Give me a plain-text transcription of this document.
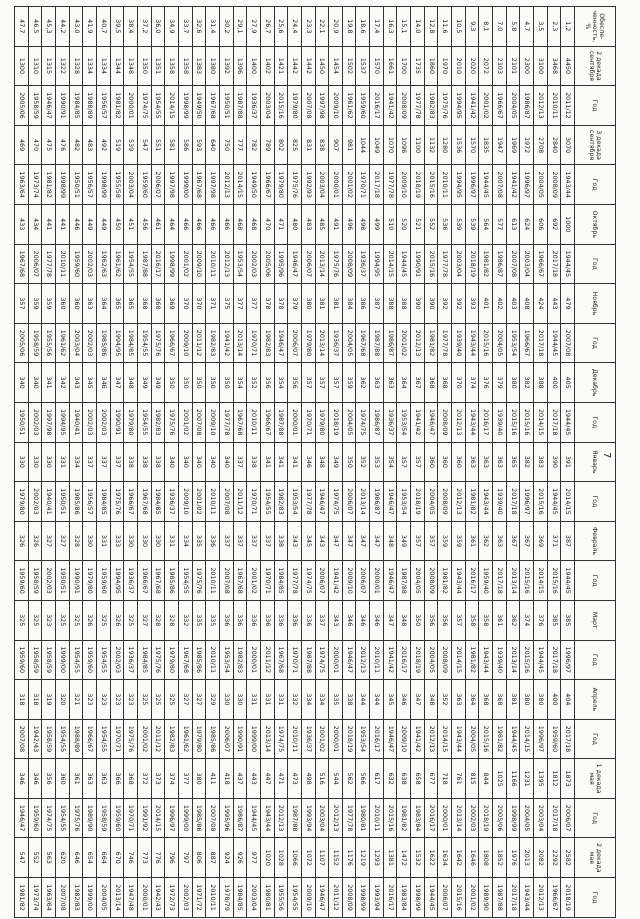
7
Обеспе-ченность, %	2 декада сентября	Год	3 декада сентября	Год	Октябрь	Год	Ноябрь	Год	Декабрь	Год	Январь	Год	Февраль	Год	Март	Год	Апрель	Год	1 декада мая	Год	2 декада мая	Год
1,2	4450	2011/12	3070	1943/44	1000	1944/45	479	2007/08	405	1944/45	391	2014/15	387	1944/45	385	1996/97	404	2017/18	1873	2006/07	2582	2018/19
2,3	3468	2010/11	2840	2008/09	692	2017/18	443	1944/45	400	2017/18	390	1944/45	371	2015/16	385	2017/18	400	1959/60	1812	2017/18	2292	1966/67
3,5	3100	2012/13	2708	2004/05	606	1966/67	424	2017/18	388	2014/15	383	2015/16	369	2014/15	376	1944/45	380	1996/97	1395	2003/04	2082	2012/13
4,7	2300	1986/87	1972	1996/97	624	2003/04	408	1966/67	382	2015/16	382	1996/97	367	2015/16	374	2015/16	380	2014/15	1231	2004/05	2013	1943/44
5,8	2101	2004/05	1969	1941/42	613	2007/08	403	1953/54	380	2015/16	365	2017/18	367	2013/14	362	2013/14	381	1944/45	1166	1998/99	1976	2017/18
7,0	2103	1966/67	1947	2007/08	577	1986/87	402	2004/05	379	1939/40	363	1939/40	363	2017/18	361	1939/40	368	1981/82	1025	2005/06	1852	1987/88
8,1	2072	2001/02	1835	1944/45	564	1981/82	401	2015/16	376	2016/17	363	1943/44	362	1959/40	358	1943/44	368	2015/16	844	2018/19	1808	1989/90
9,3	2020	1941/42	1570	1996/97	539	2018/19	393	1943/44	374	1943/44	363	1981/82	361	2016/17	358	1981/82	364	2004/05	815	2002/03	1646	2001/02
10,5	2010	1994/95	1536	1994/95	539	2003/04	392	1939/40	370	2012/13	360	2012/13	359	1943/44	357	2014/15	363	1943/44	761	2013/14	1642	2015/16
11,6	1970	1975/76	1280	2010/11	536	1977/78	392	1977/78	368	2008/09	360	2008/09	359	1981/82	356	2008/09	352	2014/15	718	2000/01	1634	2006/07
12,8	1860	1982/83	1132	2015/16	552	2015/16	390	1981/82	368	1946/47	360	2004/05	357	2008/09	356	2004/05	348	2012/13	677	2016/17	1622	1944/45
14,0	1735	1977/78	1100	2018/19	521	1990/91	390	2012/13	367	1941/42	357	2018/19	357	2004/05	350	2018/19	347	1941/42	658	1983/84	1532	1998/99
15,1	1700	2008/09	1096	2009/10	520	1944/45	388	2001/02	364	1953/54	357	1953/54	349	1987/88	348	2016/17	346	2009/10	638	1981/82	1472	1983/84
16,3	1661	1941/42	1070	1977/78	510	2014/15	388	1986/87	363	1936/37	354	1946/47	348	1946/47	347	1941/42	345	1946/47	632	2015/16	1381	2016/17
17,4	1570	2016/17	1049	2017/18	499	1994/95	387	1987/88	363	1986/87	353	1986/87	347	2000/01	346	2010/11	344	2016/17	617	2010/11	1293	1993/94
18,6	1537	1959/60	1044	1970/71	498	1936/37	386	1967/68	362	1974/75	352	2013/14	347	2006/07	346	2012/13	344	1953/54	566	1980/81	1219	1998/99
19,8	1502	1961/62	981	2001/02	496	2008/09	384	2004/05	359	2004/05	350	2006/07	347	2009/10	346	1946/47	338	2018/19	562	1977/78	1176	2008/09
20,9	1454	2009/10	907	2000/01	491	1975/76	381	1936/37	357	2018/19	349	1974/75	347	1941/42	343	2000/01	335	2000/01	544	2012/13	1152	2011/12
22,1	1450	1997/98	838	2003/04	485	2013/14	381	2013/14	357	1979/80	348	1946/47	343	2006/07	337	1974/75	334	2001/02	516	2003/04	1107	1946/47
23,3	1442	2007/08	831	1992/93	483	2006/07	380	1979/80	357	1970/71	346	1977/78	345	1974/75	336	1987/88	334	1936/37	498	1993/94	1072	2009/10
24,4	1442	1979/80	825	1975/76	480	1946/47	379	2006/07	356	2000/01	341	1953/54	343	1977/78	336	1970/71	332	2010/11	473	1987/88	1066	1954/55
25,6	1421	2015/16	802	1979/80	471	1995/96	378	1946/47	354	1987/88	341	1982/83	338	1984/85	336	1967/68	331	1974/75	471	2012/13	1028	1955/56
26,7	1402	2003/04	789	1966/67	470	2005/06	378	1982/83	356	1966/67	341	1954/55	337	1970/71	336	2011/12	331	2013/14	447	1943/44	1020	1980/81
27,9	1400	1936/37	782	1949/50	468	2002/03	377	1970/71	352	2010/11	338	1970/71	337	2001/02	336	2000/01	331	1999/00	443	1944/45	977	2003/04
29,1	1396	1987/88	777	2014/15	468	1953/54	377	2013/14	354	1967/68	337	2011/12	337	1967/68	336	1982/83	330	1990/91	437	1986/87	926	1984/85
30,2	1392	1950/51	750	2012/13	466	2012/13	375	1941/42	350	1977/78	340	2007/08	337	2007/08	336	1953/54	330	2006/07	418	1995/96	924	1978/79
31,4	1380	1967/68	640	1997/98	466	2010/11	371	1982/83	350	2009/10	340	2010/11	336	2010/11	335	2010/11	329	1985/86	411	2007/08	887	2010/11
32,6	1383	1949/50	593	1967/68	466	2009/10	370	2011/12	350	2007/08	340	2001/02	335	1975/76	335	1985/86	327	1979/80	380	1985/86	806	1971/72
33,7	1358	1998/99	586	1999/00	466	2001/02	370	2009/10	350	2001/02	340	2009/10	334	1954/55	332	1967/68	327	1961/62	377	1999/00	797	2002/03
34,9	1358	2014/15	581	1997/98	464	1998/99	369	1966/67	350	1975/76	340	1936/37	331	1985/86	328	1979/80	325	1982/83	374	1996/97	796	1972/73
36,0	1351	1954/55	551	2006/07	461	2016/17	368	1975/76	349	1982/83	338	1984/85	330	1967/68	328	1975/76	325	2011/12	373	2014/15	776	1942/43
37,2	1350	1974/75	547	1959/60	456	1987/88	368	1954/55	349	1954/55	338	1967/68	330	1966/67	327	1984/85	325	2001/02	372	1991/92	773	2000/01
38,4	1348	2000/01	539	2003/04	451	1954/55	365	1984/85	348	1979/80	338	1966/67	330	1936/37	325	1936/37	323	1975/76	368	1970/71	746	1947/48
39,5	1344	1981/82	519	1955/58	450	1961/62	365	1994/95	347	1990/91	337	1975/76	333	1994/95	326	2002/03	323	1970/71	366	1959/60	670	2013/14
40,7	1334	1956/57	492	1998/99	449	1962/63	364	1985/86	346	2002/03	337	1984/85	331	1959/60	325	1954/55	323	1954/55	363	1958/59	664	2004/05
41,9	1334	1988/89	483	1956/57	449	2002/03	363	2002/03	345	2002/03	337	1956/57	330	1979/80	326	1959/60	323	1966/67	363	1989/90	654	1999/00
43,0	1328	1984/85	482	1950/51	446	1959/60	360	2003/04	343	1940/41	334	1985/86	328	1990/91	325	1954/55	321	1988/89	361	1975/76	646	1982/83
44,2	1322	1990/91	476	1998/99	441	2010/11	360	1961/62	342	1994/95	331	1950/51	327	1950/51	325	1999/00	320	1954/55	360	1954/55	620	2007/08
45,3	1315	1946/47	475	1981/82	441	1977/78	359	1955/56	341	1997/98	330	1940/41	327	2002/03	323	1958/59	319	1958/59	356	1974/75	563	1963/64
46,5	1310	1958/59	470	1973/74	434	2006/07	359	1958/59	340	2002/03	330	2002/03	326	1958/59	325	1958/59	318	1942/43	346	1959/60	552	1973/74
47,7	1300	2005/06	469	1963/64	433	1967/68	357	2005/06	340	1950/51	330	1979/80	326	1959/60	325	1959/60	318	2007/08	346	1946/47	547	1981/82
